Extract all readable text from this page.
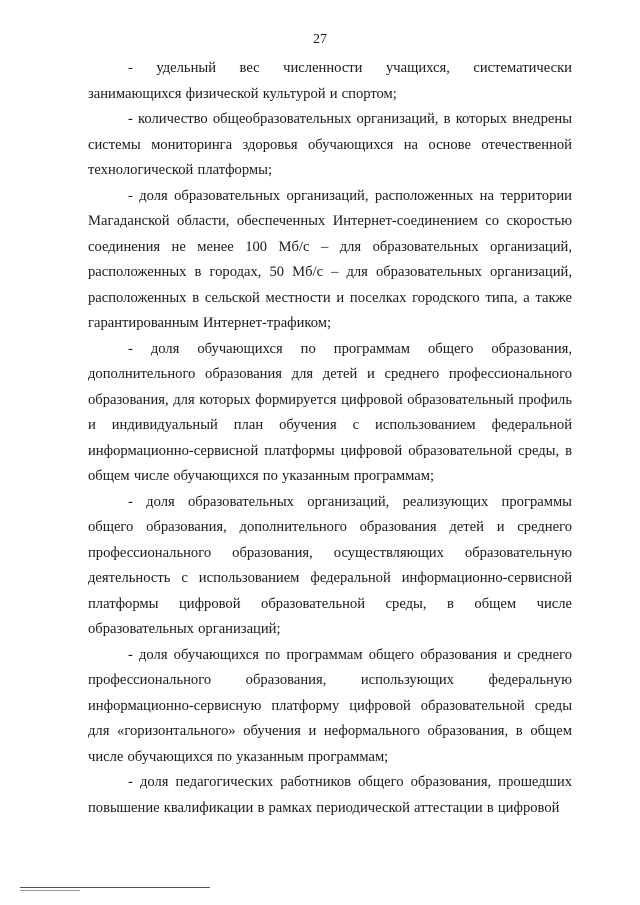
27

- удельный вес численности учащихся, систематически занимающихся физической культурой и спортом;

- количество общеобразовательных организаций, в которых внедрены системы мониторинга здоровья обучающихся на основе отечественной технологической платформы;

- доля образовательных организаций, расположенных на территории Магаданской области, обеспеченных Интернет-соединением со скоростью соединения не менее 100 Мб/с – для образовательных организаций, расположенных в городах, 50 Мб/с – для образовательных организаций, расположенных в сельской местности и поселках городского типа, а также гарантированным Интернет-трафиком;

- доля обучающихся по программам общего образования, дополнительного образования для детей и среднего профессионального образования, для которых формируется цифровой образовательный профиль и индивидуальный план обучения с использованием федеральной информационно-сервисной платформы цифровой образовательной среды, в общем числе обучающихся по указанным программам;

- доля образовательных организаций, реализующих программы общего образования, дополнительного образования детей и среднего профессионального образования, осуществляющих образовательную деятельность с использованием федеральной информационно-сервисной платформы цифровой образовательной среды, в общем числе образовательных организаций;

- доля обучающихся по программам общего образования и среднего профессионального образования, использующих федеральную информационно-сервисную платформу цифровой образовательной среды для «горизонтального» обучения и неформального образования, в общем числе обучающихся по указанным программам;

- доля педагогических работников общего образования, прошедших повышение квалификации в рамках периодической аттестации в цифровой
